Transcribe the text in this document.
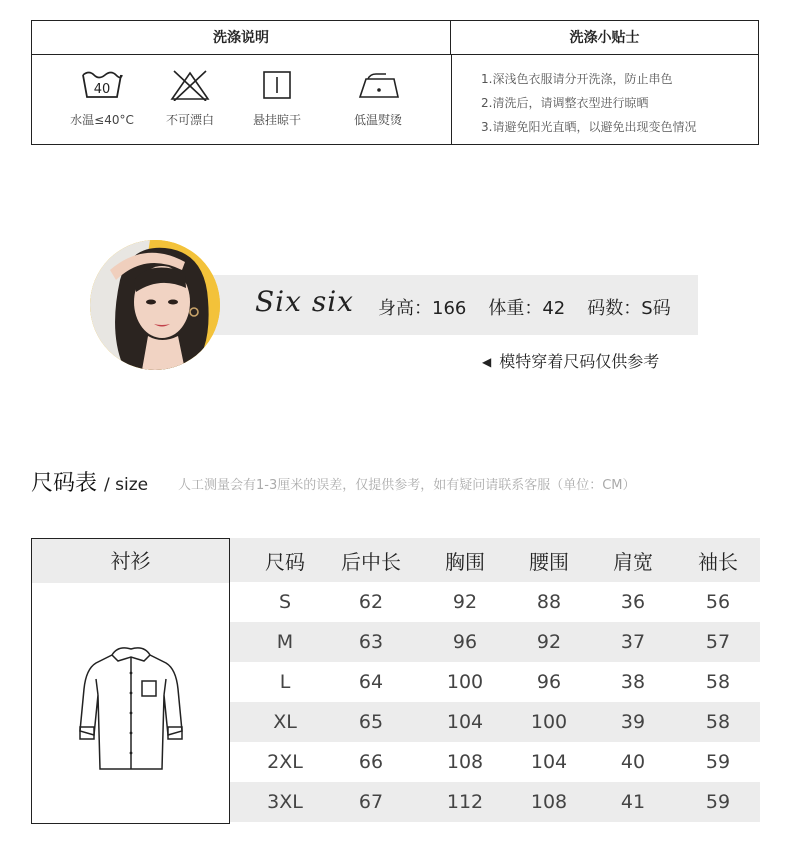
洗涤说明	洗涤小贴士
40
水温≤40°C	不可漂白	悬挂晾干	低温熨烫
1.深浅色衣服请分开洗涤，防止串色
2.清洗后，请调整衣型进行晾晒
3.请避免阳光直晒，以避免出现变色情况
Six six 身高：166 体重：42 码数：S码
◀ 模特穿着尺码仅供参考
尺码表 / size 人工测量会有1-3厘米的误差，仅提供参考，如有疑问请联系客服（单位：CM）
衬衫	尺码	后中长	胸围	腰围	肩宽	袖长
S	62	92	88	36	56
M	63	96	92	37	57
L	64	100	96	38	58
XL	65	104	100	39	58
2XL	66	108	104	40	59
3XL	67	112	108	41	59
